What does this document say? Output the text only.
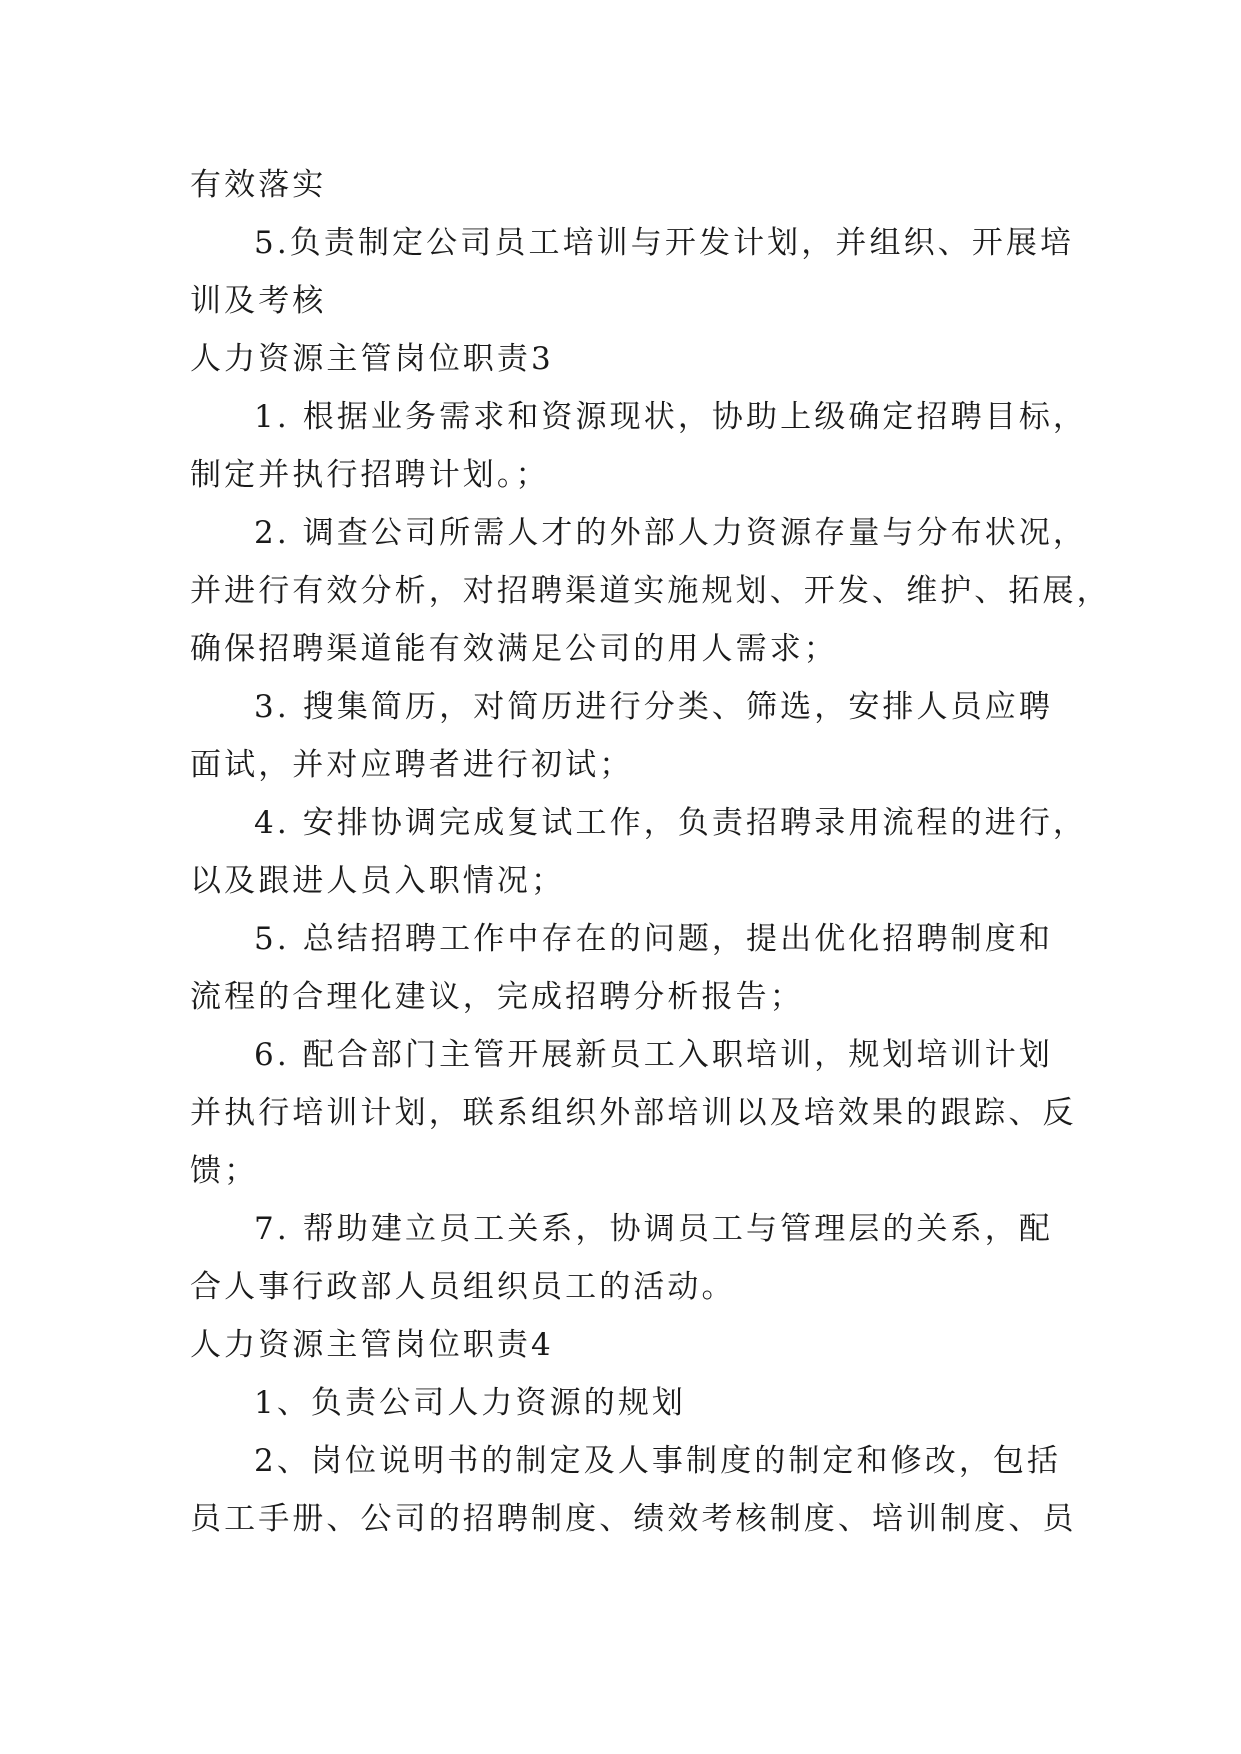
有效落实
5.负责制定公司员工培训与开发计划，并组织、开展培
训及考核
人力资源主管岗位职责3
1. 根据业务需求和资源现状，协助上级确定招聘目标，
制定并执行招聘计划。；
2. 调查公司所需人才的外部人力资源存量与分布状况，
并进行有效分析，对招聘渠道实施规划、开发、维护、拓展，
确保招聘渠道能有效满足公司的用人需求；
3. 搜集简历，对简历进行分类、筛选，安排人员应聘
面试，并对应聘者进行初试；
4. 安排协调完成复试工作，负责招聘录用流程的进行，
以及跟进人员入职情况；
5. 总结招聘工作中存在的问题，提出优化招聘制度和
流程的合理化建议，完成招聘分析报告；
6. 配合部门主管开展新员工入职培训，规划培训计划
并执行培训计划，联系组织外部培训以及培效果的跟踪、反
馈；
7. 帮助建立员工关系，协调员工与管理层的关系，配
合人事行政部人员组织员工的活动。
人力资源主管岗位职责4
1、负责公司人力资源的规划
2、岗位说明书的制定及人事制度的制定和修改，包括
员工手册、公司的招聘制度、绩效考核制度、培训制度、员
